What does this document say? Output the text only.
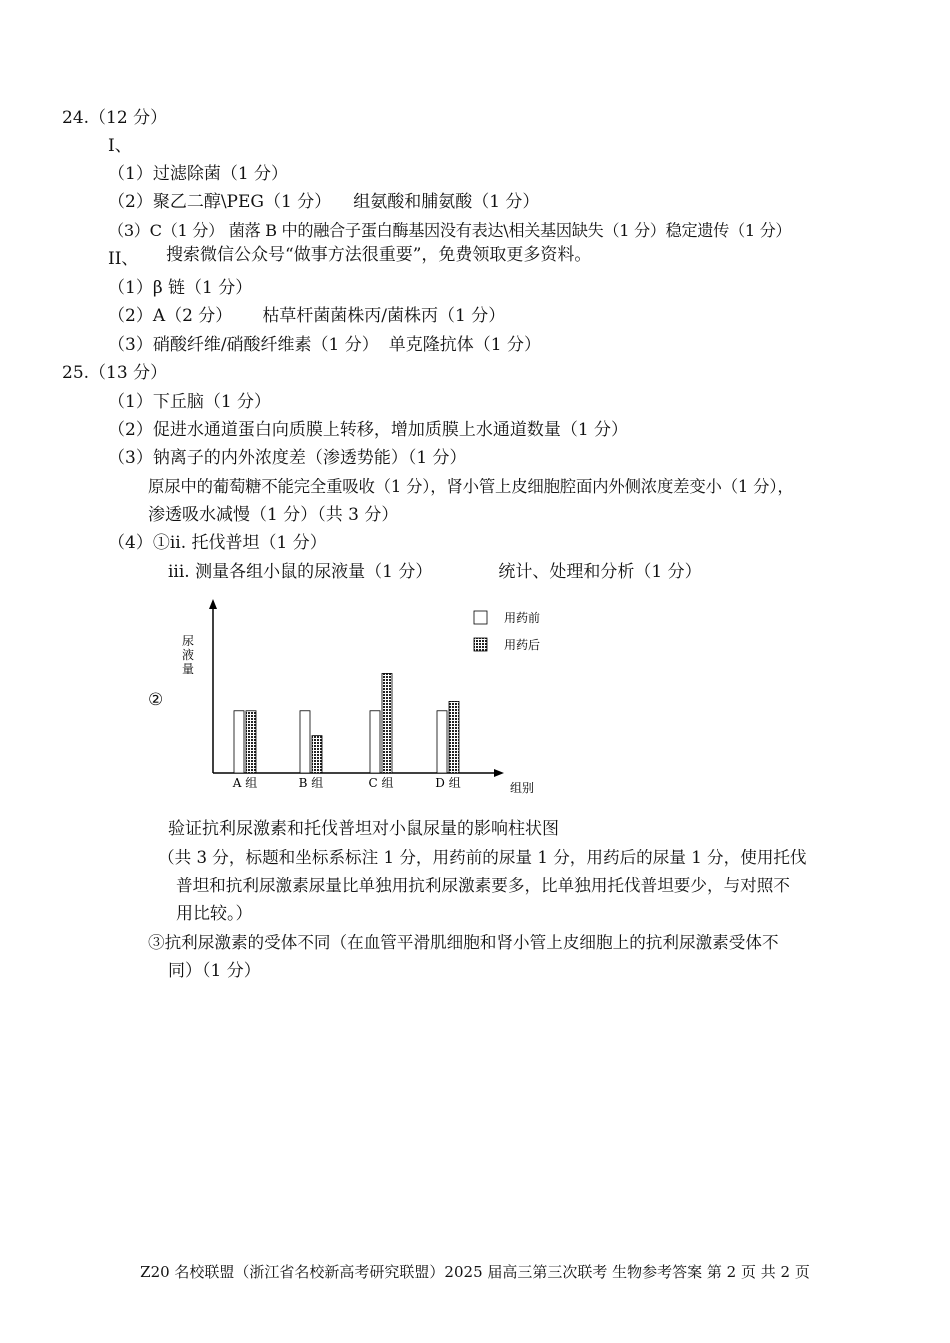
24.（12 分）
I、
（1）过滤除菌（1 分）
（2）聚乙二醇\PEG（1 分） 组氨酸和脯氨酸（1 分）
（3）C（1 分） 菌落 B 中的融合子蛋白酶基因没有表达\相关基因缺失（1 分）稳定遗传（1 分）
II、 搜索微信公众号“做事方法很重要”，免费领取更多资料。
（1）β 链（1 分）
（2）A（2 分） 枯草杆菌菌株丙/菌株丙（1 分）
（3）硝酸纤维/硝酸纤维素（1 分） 单克隆抗体（1 分）
25.（13 分）
（1）下丘脑（1 分）
（2）促进水通道蛋白向质膜上转移，增加质膜上水通道数量（1 分）
（3）钠离子的内外浓度差（渗透势能）（1 分）
原尿中的葡萄糖不能完全重吸收（1 分），肾小管上皮细胞腔面内外侧浓度差变小（1 分），
渗透吸水减慢（1 分）（共 3 分）
（4）①ii. 托伐普坦（1 分）
iii. 测量各组小鼠的尿液量（1 分）	统计、处理和分析（1 分）
②
尿液量
组别
A 组	B 组	C 组	D 组
用药前
用药后
验证抗利尿激素和托伐普坦对小鼠尿量的影响柱状图
（共 3 分，标题和坐标系标注 1 分，用药前的尿量 1 分，用药后的尿量 1 分，使用托伐
普坦和抗利尿激素尿量比单独用抗利尿激素要多，比单独用托伐普坦要少，与对照不
用比较。）
③抗利尿激素的受体不同（在血管平滑肌细胞和肾小管上皮细胞上的抗利尿激素受体不
同）（1 分）
Z20 名校联盟（浙江省名校新高考研究联盟）2025 届高三第三次联考 生物参考答案 第 2 页 共 2 页
